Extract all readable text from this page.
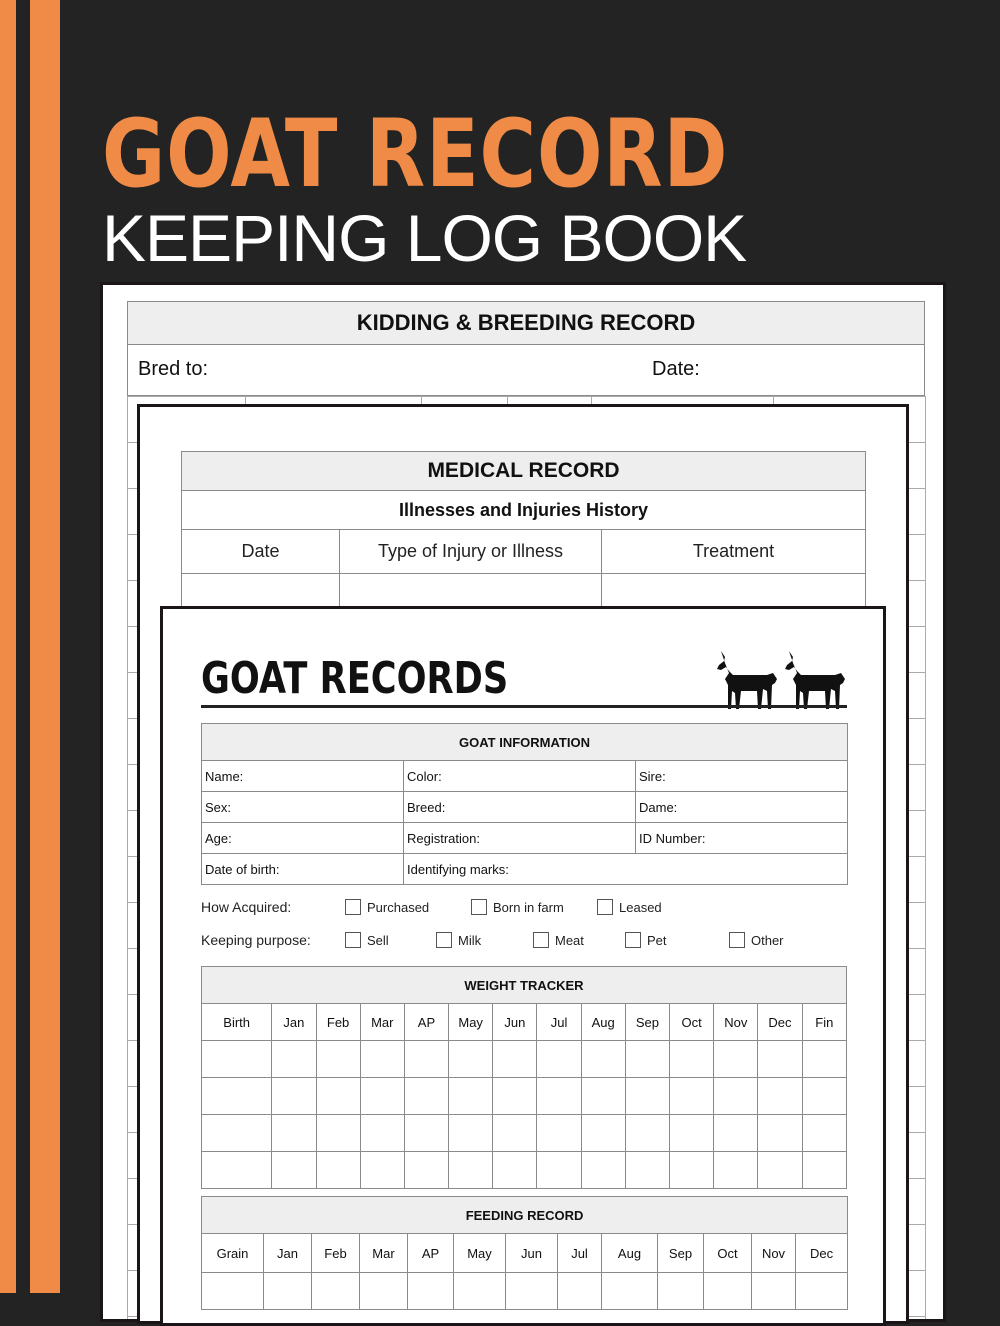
GOAT RECORD
KEEPING LOG BOOK
KIDDING & BREEDING RECORD
Bred to:	Date:

MEDICAL RECORD		
Illnesses and Injuries History		
Date	Type of Injury or Illness	Treatment

GOAT RECORDS
GOAT INFORMATION		
Name:	Color:	Sire:
Sex:	Breed:	Dame:
Age:	Registration:	ID Number:
Date of birth:	Identifying marks:	
How Acquired:	Purchased	Born in farm	Leased
Keeping purpose:	Sell	Milk	Meat	Pet	Other
WEIGHT TRACKER													
Birth	Jan	Feb	Mar	AP	May	Jun	Jul	Aug	Sep	Oct	Nov	Dec	Fin

FEEDING RECORD												
Grain	Jan	Feb	Mar	AP	May	Jun	Jul	Aug	Sep	Oct	Nov	Dec
